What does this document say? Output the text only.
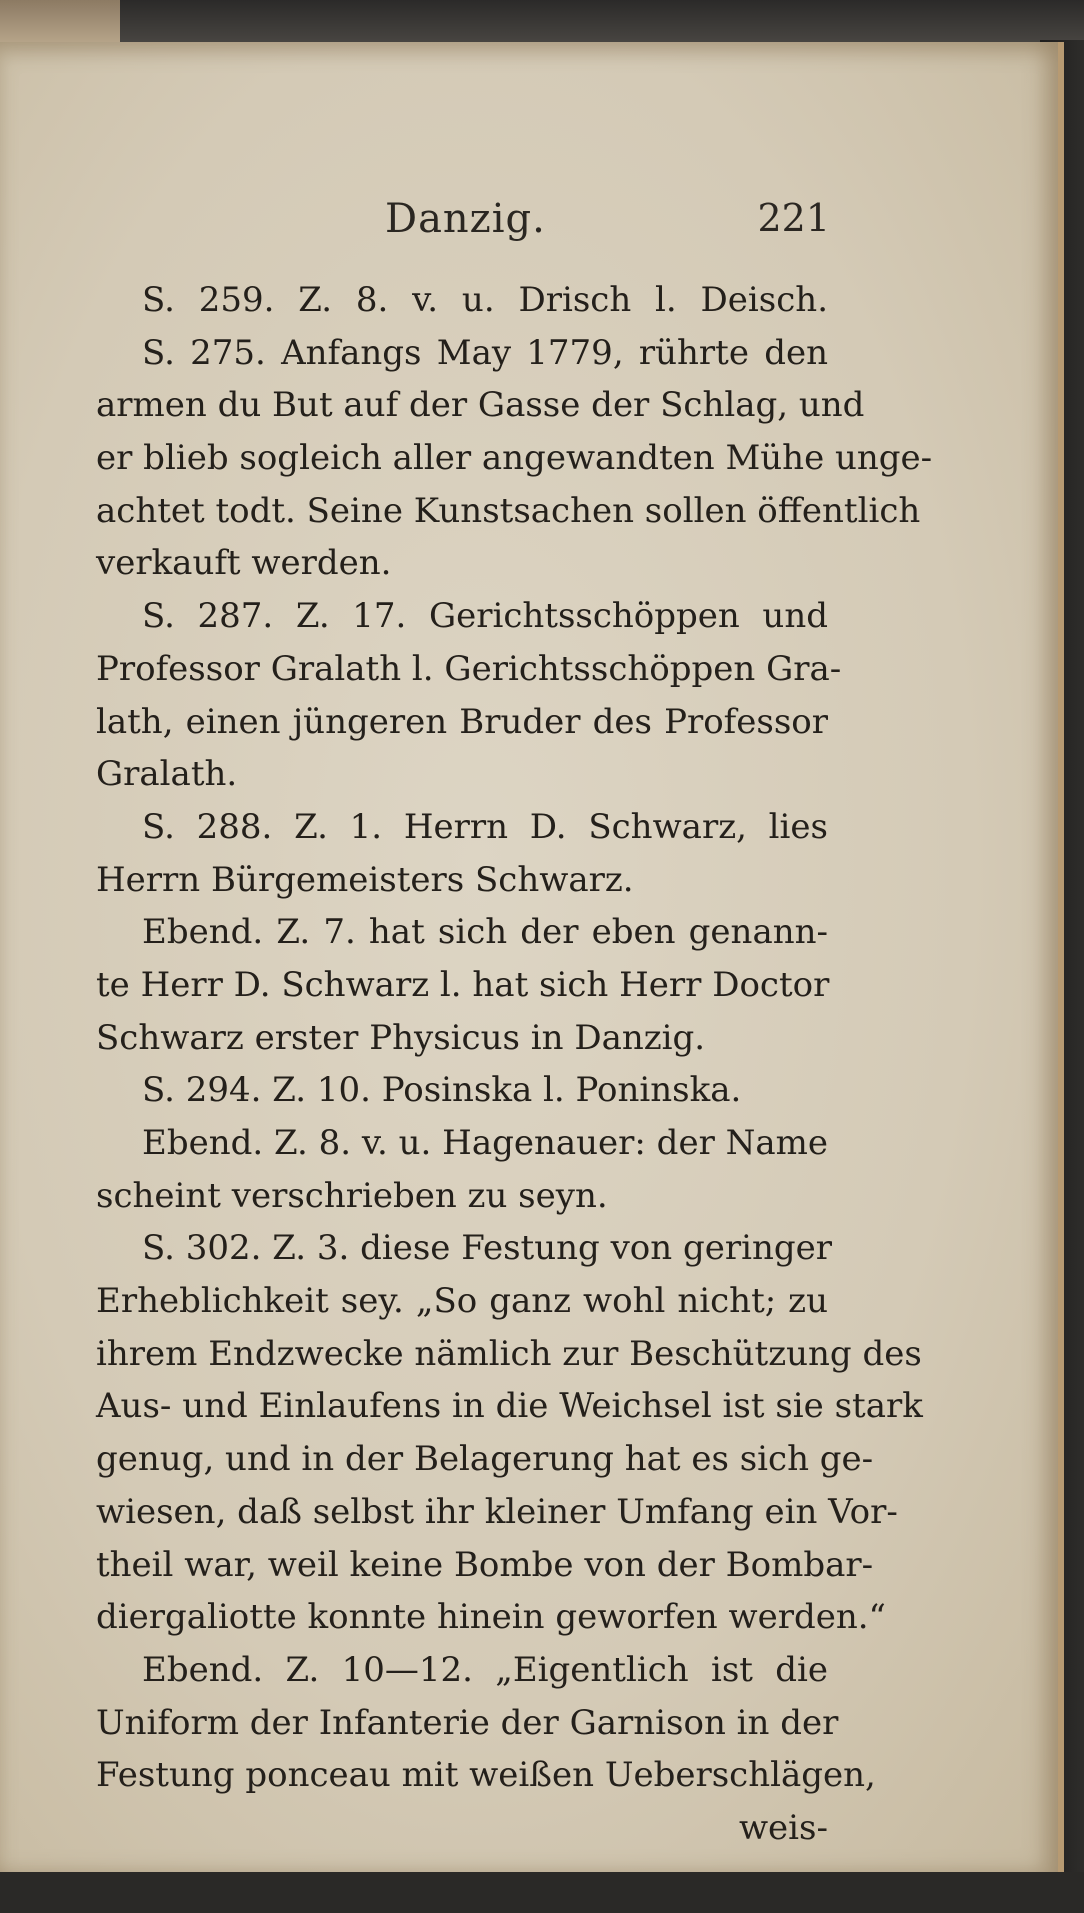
Danzig.	221
S. 259. Z. 8. v. u. Drisch l. Deisch.
S. 275. Anfangs May 1779, rührte den
armen du But auf der Gasse der Schlag, und
er blieb sogleich aller angewandten Mühe unge-
achtet todt. Seine Kunstsachen sollen öffentlich
verkauft werden.
S. 287. Z. 17. Gerichtsschöppen und
Professor Gralath l. Gerichtsschöppen Gra-
lath, einen jüngeren Bruder des Professor
Gralath.
S. 288. Z. 1. Herrn D. Schwarz, lies
Herrn Bürgemeisters Schwarz.
Ebend. Z. 7. hat sich der eben genann-
te Herr D. Schwarz l. hat sich Herr Doctor
Schwarz erster Physicus in Danzig.
S. 294. Z. 10. Posinska l. Poninska.
Ebend. Z. 8. v. u. Hagenauer: der Name
scheint verschrieben zu seyn.
S. 302. Z. 3. diese Festung von geringer
Erheblichkeit sey. „So ganz wohl nicht; zu
ihrem Endzwecke nämlich zur Beschützung des
Aus- und Einlaufens in die Weichsel ist sie stark
genug, und in der Belagerung hat es sich ge-
wiesen, daß selbst ihr kleiner Umfang ein Vor-
theil war, weil keine Bombe von der Bombar-
diergaliotte konnte hinein geworfen werden.“
Ebend. Z. 10—12. „Eigentlich ist die
Uniform der Infanterie der Garnison in der
Festung ponceau mit weißen Ueberschlägen,
weis-
